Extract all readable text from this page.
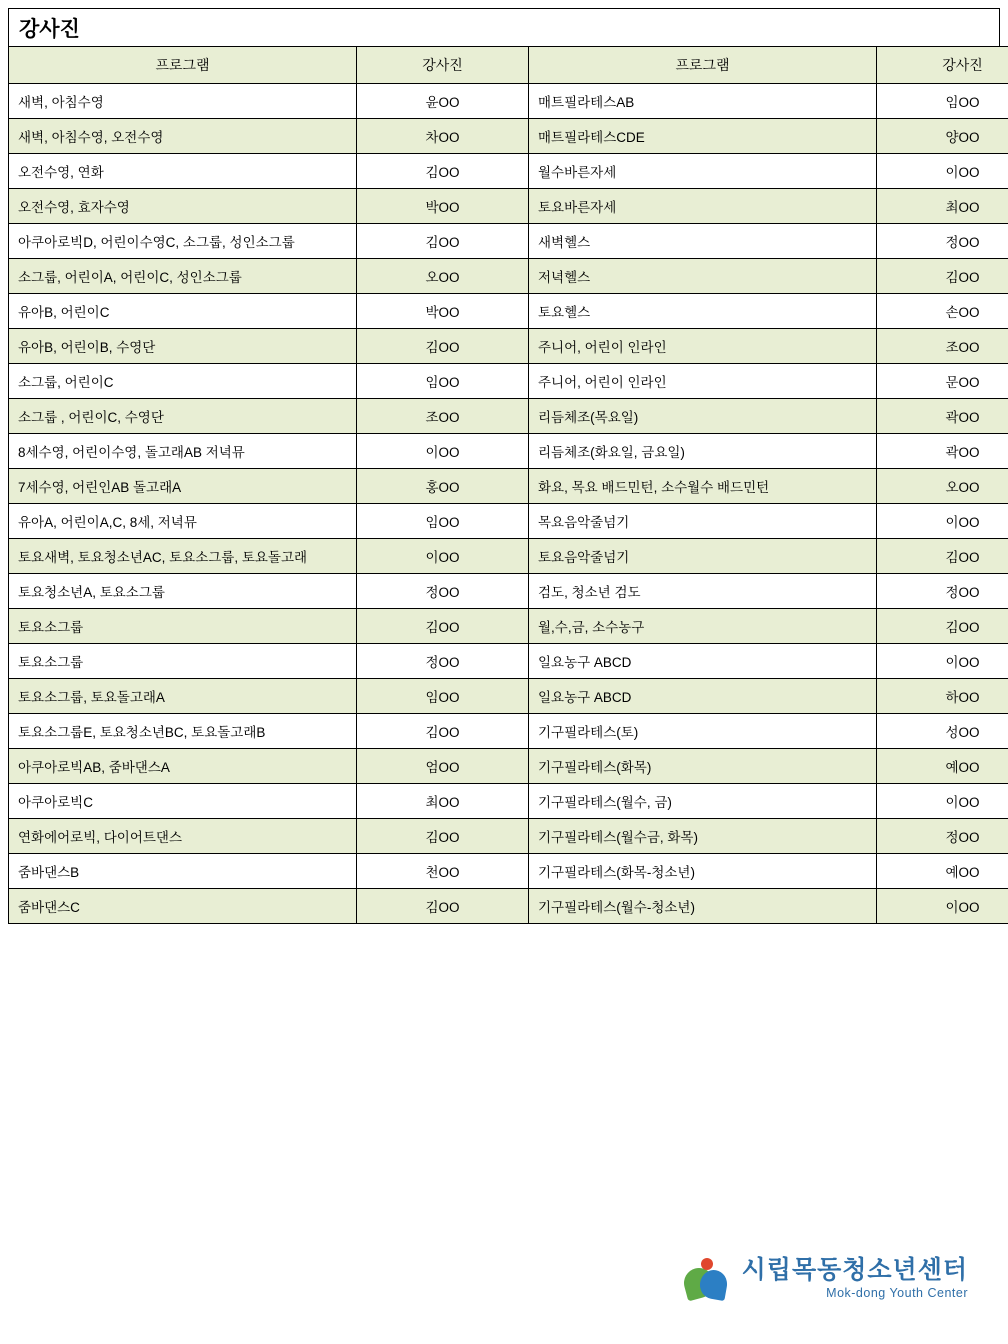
강사진
프로그램	강사진	프로그램	강사진
새벽, 아침수영	윤OO	매트필라테스AB	임OO
새벽, 아침수영, 오전수영	차OO	매트필라테스CDE	양OO
오전수영, 연화	김OO	월수바른자세	이OO
오전수영, 효자수영	박OO	토요바른자세	최OO
아쿠아로빅D, 어린이수영C, 소그룹, 성인소그룹	김OO	새벽헬스	정OO
소그룹, 어린이A, 어린이C, 성인소그룹	오OO	저녁헬스	김OO
유아B, 어린이C	박OO	토요헬스	손OO
유아B, 어린이B, 수영단	김OO	주니어, 어린이 인라인	조OO
소그룹, 어린이C	임OO	주니어, 어린이 인라인	문OO
소그룹 , 어린이C, 수영단	조OO	리듬체조(목요일)	곽OO
8세수영, 어린이수영, 돌고래AB 저녁뮤	이OO	리듬체조(화요일, 금요일)	곽OO
7세수영, 어린인AB 돌고래A	홍OO	화요, 목요 배드민턴, 소수월수 배드민턴	오OO
유아A, 어린이A,C, 8세, 저녁뮤	임OO	목요음악줄넘기	이OO
토요새벽, 토요청소년AC, 토요소그룹, 토요돌고래	이OO	토요음악줄넘기	김OO
토요청소년A, 토요소그룹	정OO	검도, 청소년 검도	정OO
토요소그룹	김OO	월,수,금, 소수농구	김OO
토요소그룹	정OO	일요농구 ABCD	이OO
토요소그룹, 토요돌고래A	임OO	일요농구 ABCD	하OO
토요소그룹E, 토요청소년BC, 토요돌고래B	김OO	기구필라테스(토)	성OO
아쿠아로빅AB, 줌바댄스A	엄OO	기구필라테스(화목)	예OO
아쿠아로빅C	최OO	기구필라테스(월수, 금)	이OO
연화에어로빅, 다이어트댄스	김OO	기구필라테스(월수금, 화목)	정OO
줌바댄스B	천OO	기구필라테스(화목-청소년)	예OO
줌바댄스C	김OO	기구필라테스(월수-청소년)	이OO
시립목동청소년센터
Mok-dong Youth Center
